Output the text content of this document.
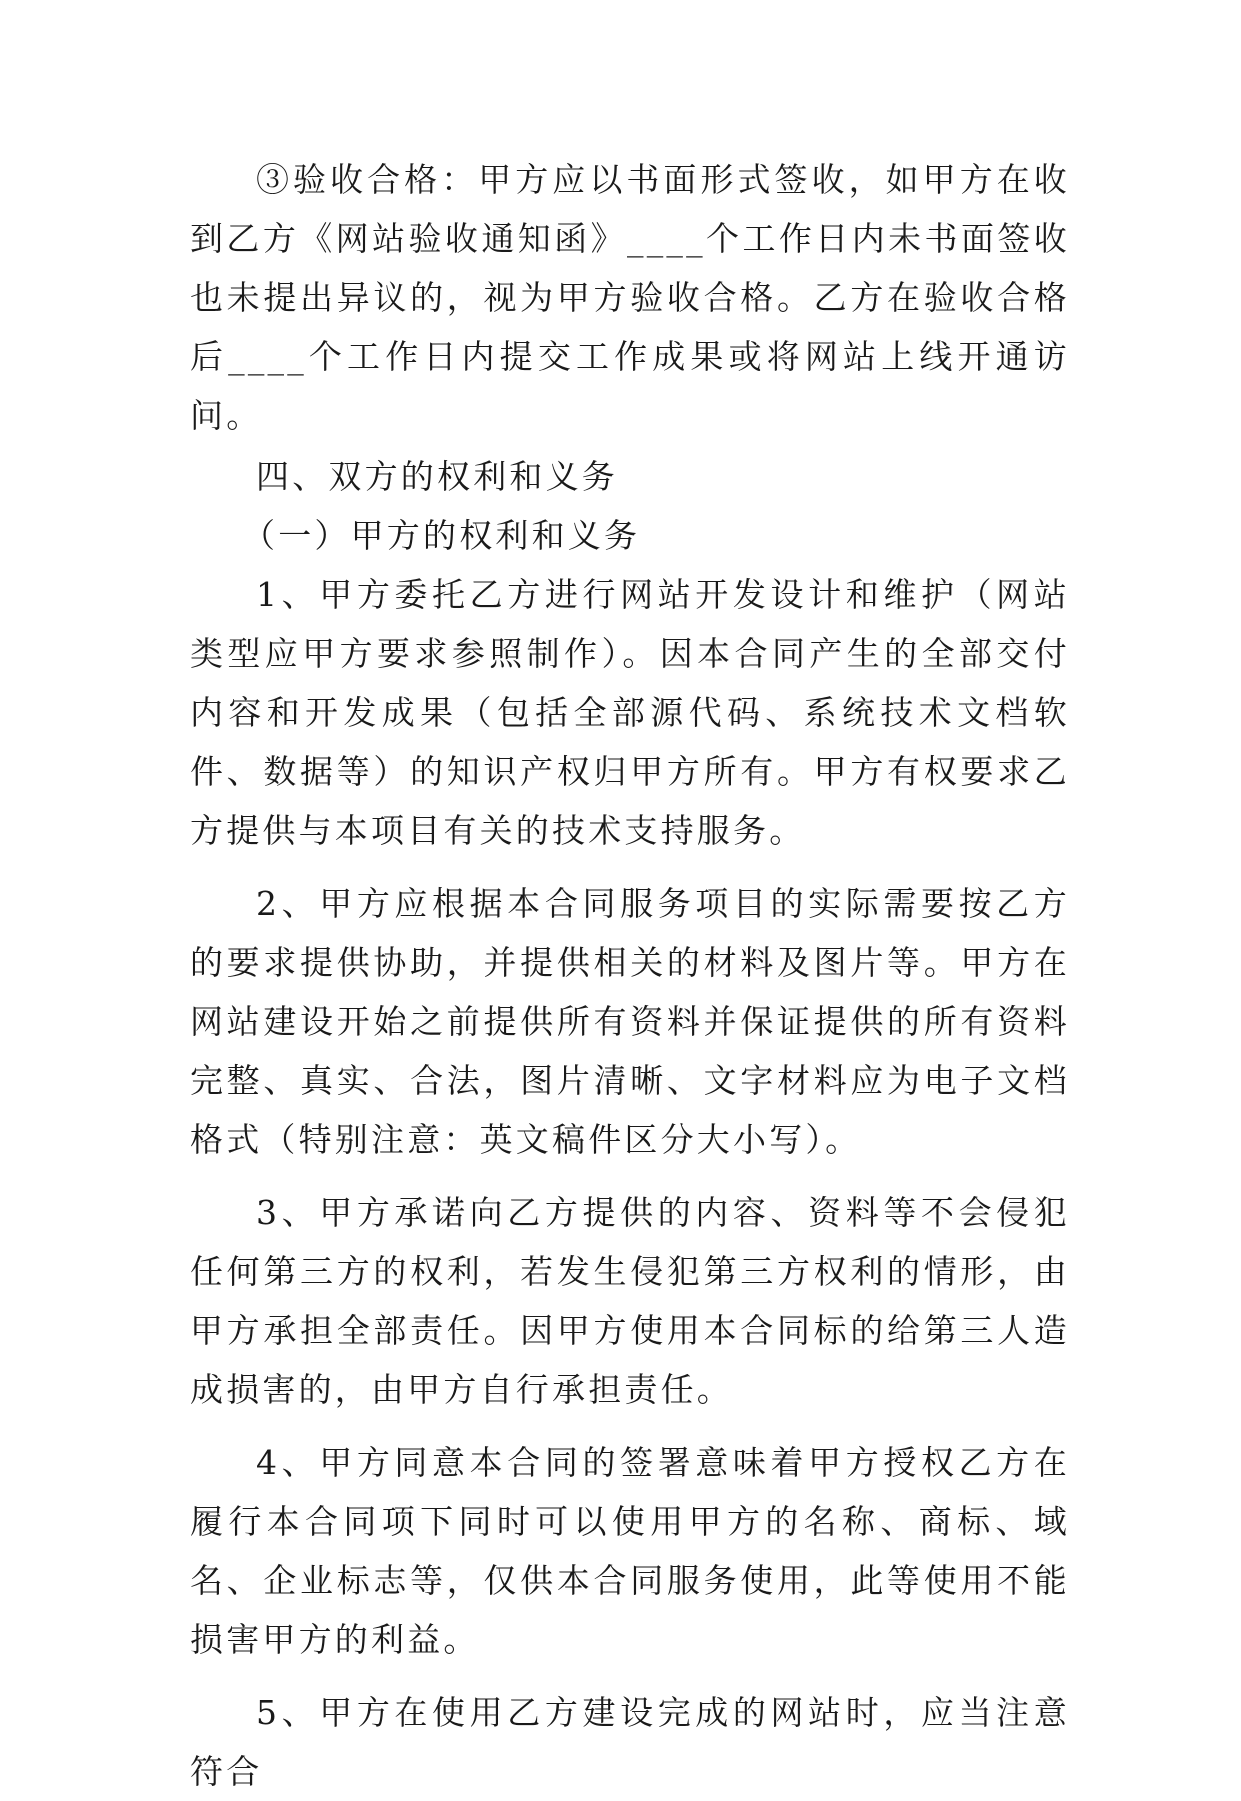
③验收合格：甲方应以书面形式签收，如甲方在收到乙方《网站验收通知函》____个工作日内未书面签收也未提出异议的，视为甲方验收合格。乙方在验收合格后____个工作日内提交工作成果或将网站上线开通访问。

四、双方的权利和义务

（一）甲方的权利和义务

1、甲方委托乙方进行网站开发设计和维护（网站类型应甲方要求参照制作）。因本合同产生的全部交付内容和开发成果（包括全部源代码、系统技术文档软件、数据等）的知识产权归甲方所有。甲方有权要求乙方提供与本项目有关的技术支持服务。

2、甲方应根据本合同服务项目的实际需要按乙方的要求提供协助，并提供相关的材料及图片等。甲方在网站建设开始之前提供所有资料并保证提供的所有资料完整、真实、合法，图片清晰、文字材料应为电子文档格式（特别注意：英文稿件区分大小写）。

3、甲方承诺向乙方提供的内容、资料等不会侵犯任何第三方的权利，若发生侵犯第三方权利的情形，由甲方承担全部责任。因甲方使用本合同标的给第三人造成损害的，由甲方自行承担责任。

4、甲方同意本合同的签署意味着甲方授权乙方在履行本合同项下同时可以使用甲方的名称、商标、域名、企业标志等，仅供本合同服务使用，此等使用不能损害甲方的利益。

5、甲方在使用乙方建设完成的网站时，应当注意符合
